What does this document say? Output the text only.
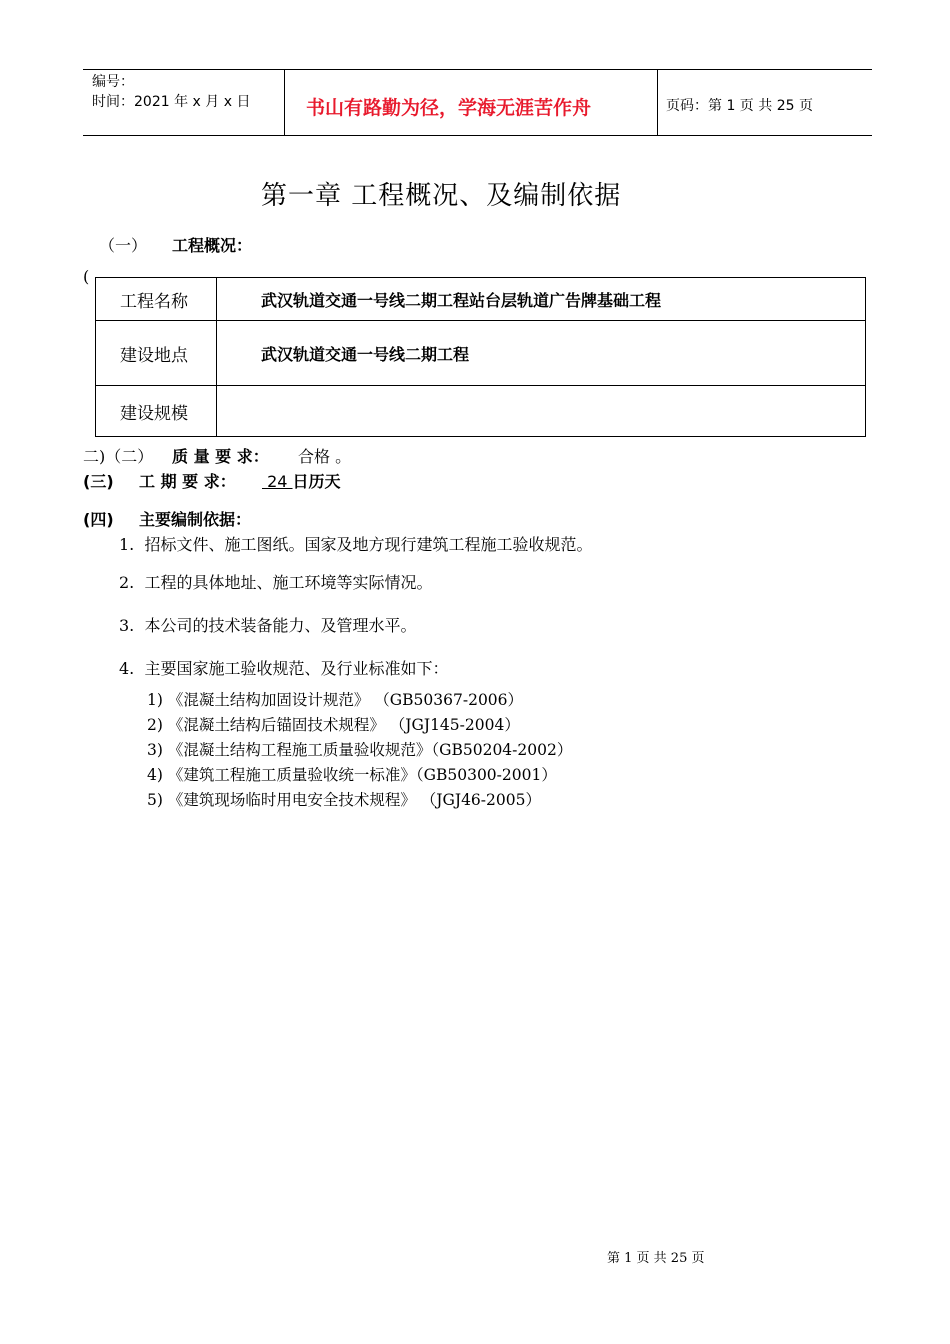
编号：
时间：2021 年 x 月 x 日	书山有路勤为径，学海无涯苦作舟	页码：第 1 页 共 25 页
第一章 工程概况、及编制依据
（一） 工程概况：
(
工程名称	武汉轨道交通一号线二期工程站台层轨道广告牌基础工程
建设地点	武汉轨道交通一号线二期工程
建设规模	
二)（二） 质 量 要 求： 合格 。
(三) 工 期 要 求： 24 日历天
(四) 主要编制依据：
1.  招标文件、施工图纸。国家及地方现行建筑工程施工验收规范。
2.  工程的具体地址、施工环境等实际情况。
3.  本公司的技术装备能力、及管理水平。
4.  主要国家施工验收规范、及行业标准如下：
1) 《混凝土结构加固设计规范》 （GB50367-2006）
2) 《混凝土结构后锚固技术规程》 （JGJ145-2004）
3) 《混凝土结构工程施工质量验收规范》（GB50204-2002）
4) 《建筑工程施工质量验收统一标准》（GB50300-2001）
5) 《建筑现场临时用电安全技术规程》 （JGJ46-2005）
第 1 页 共 25 页
